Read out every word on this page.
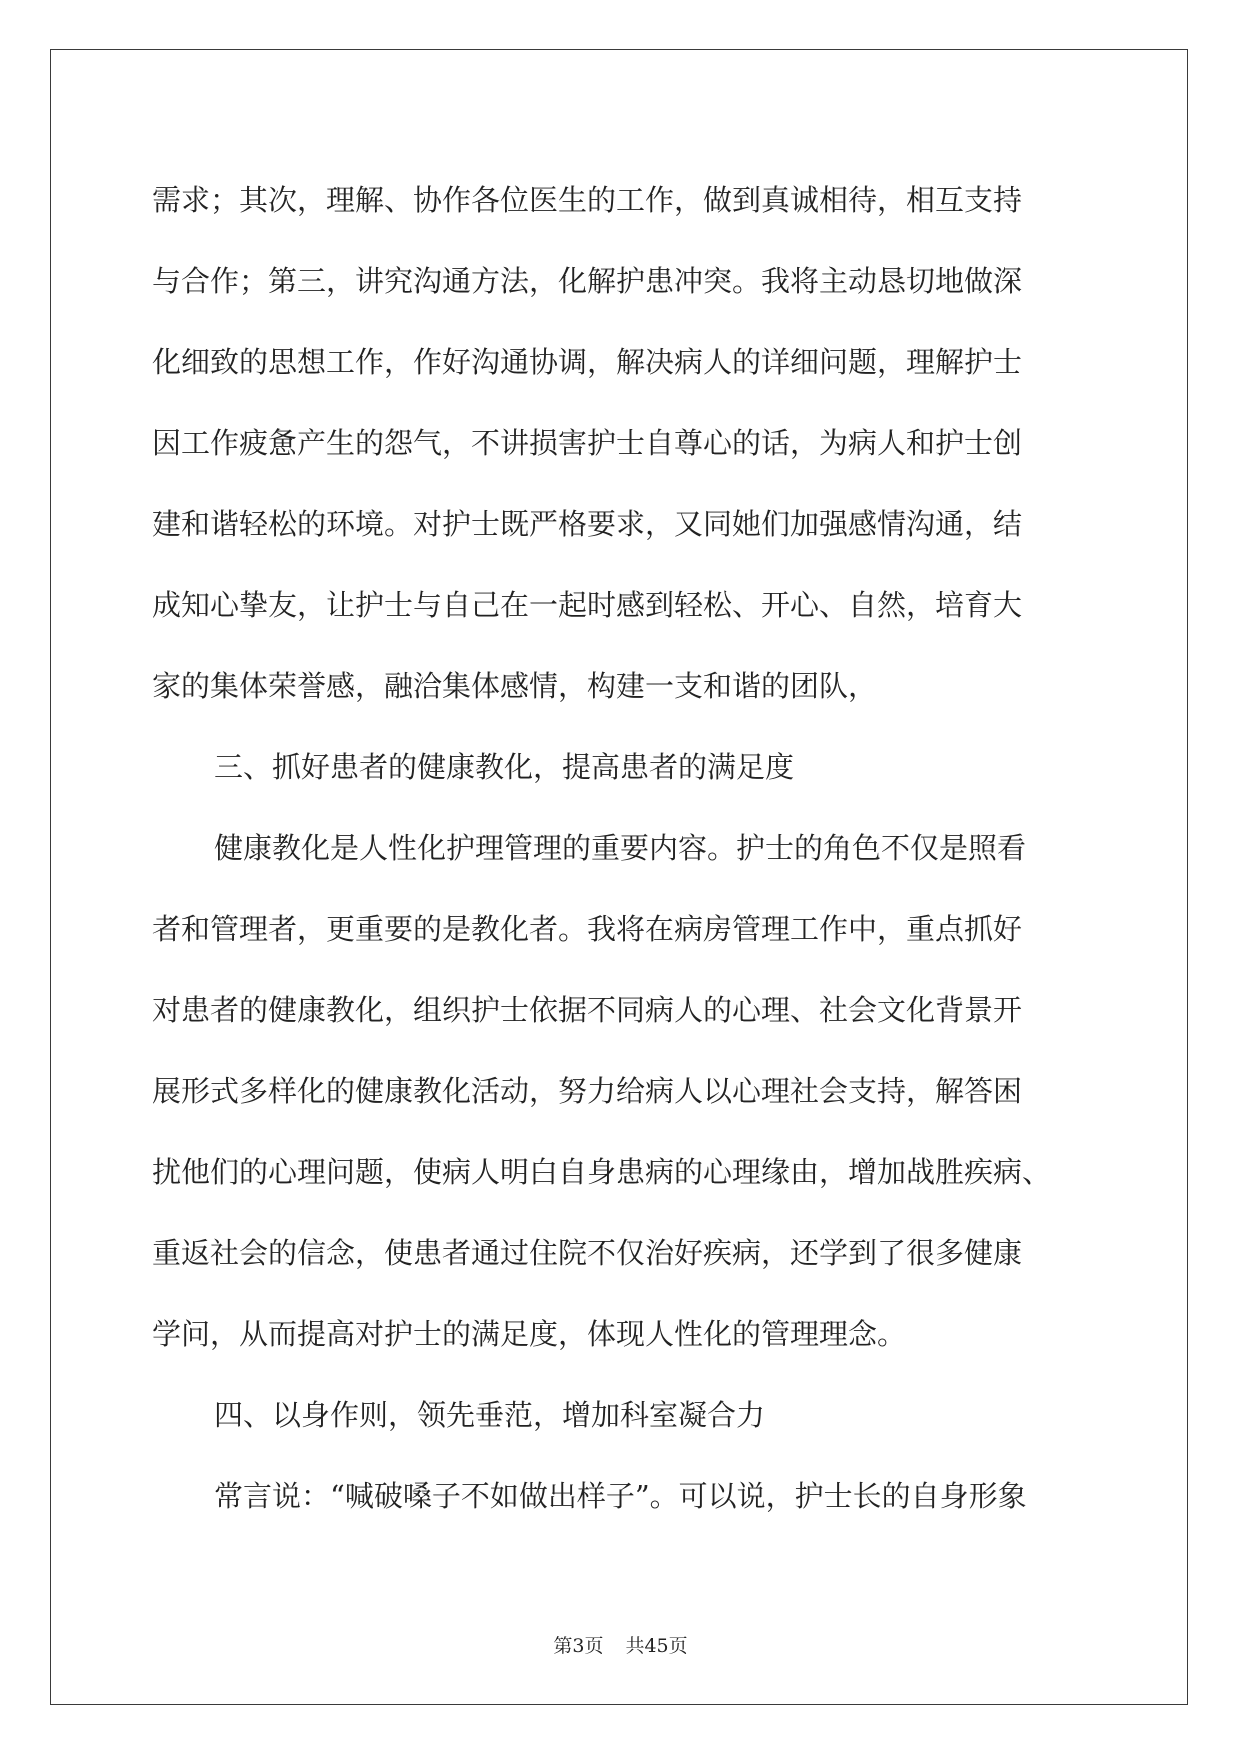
需求；其次，理解、协作各位医生的工作，做到真诚相待，相互支持
与合作；第三，讲究沟通方法，化解护患冲突。我将主动恳切地做深
化细致的思想工作，作好沟通协调，解决病人的详细问题，理解护士
因工作疲惫产生的怨气，不讲损害护士自尊心的话，为病人和护士创
建和谐轻松的环境。对护士既严格要求，又同她们加强感情沟通，结
成知心挚友，让护士与自己在一起时感到轻松、开心、自然，培育大
家的集体荣誉感，融洽集体感情，构建一支和谐的团队，
三、抓好患者的健康教化，提高患者的满足度
健康教化是人性化护理管理的重要内容。护士的角色不仅是照看
者和管理者，更重要的是教化者。我将在病房管理工作中，重点抓好
对患者的健康教化，组织护士依据不同病人的心理、社会文化背景开
展形式多样化的健康教化活动，努力给病人以心理社会支持，解答困
扰他们的心理问题，使病人明白自身患病的心理缘由，增加战胜疾病、
重返社会的信念，使患者通过住院不仅治好疾病，还学到了很多健康
学问，从而提高对护士的满足度，体现人性化的管理理念。
四、以身作则，领先垂范，增加科室凝合力
常言说：“喊破嗓子不如做出样子”。可以说，护士长的自身形象
第3页 共45页
